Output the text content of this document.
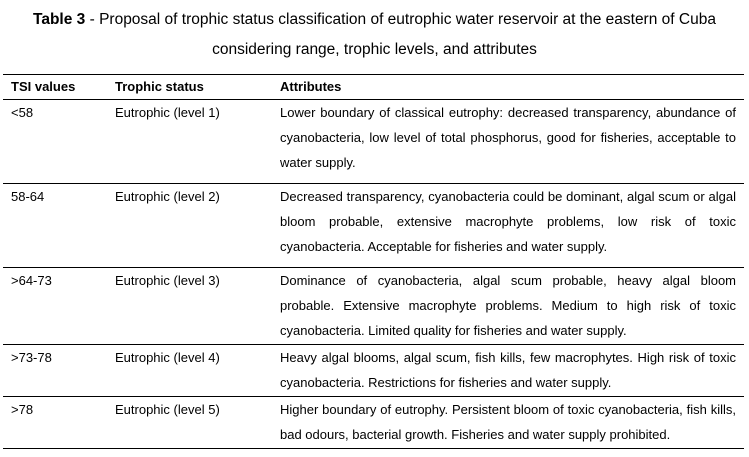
Table 3 - Proposal of trophic status classification of eutrophic water reservoir at the eastern of Cuba
considering range, trophic levels, and attributes
TSI values	Trophic status	Attributes
<58	Eutrophic (level 1)	Lower boundary of classical eutrophy: decreased transparency, abundance of cyanobacteria, low level of total phosphorus, good for fisheries, acceptable to water supply.
58-64	Eutrophic (level 2)	Decreased transparency, cyanobacteria could be dominant, algal scum or algal bloom probable, extensive macrophyte problems, low risk of toxic cyanobacteria. Acceptable for fisheries and water supply.
>64-73	Eutrophic (level 3)	Dominance of cyanobacteria, algal scum probable, heavy algal bloom probable. Extensive macrophyte problems. Medium to high risk of toxic cyanobacteria. Limited quality for fisheries and water supply.
>73-78	Eutrophic (level 4)	Heavy algal blooms, algal scum, fish kills, few macrophytes. High risk of toxic cyanobacteria. Restrictions for fisheries and water supply.
>78	Eutrophic (level 5)	Higher boundary of eutrophy. Persistent bloom of toxic cyanobacteria, fish kills, bad odours, bacterial growth. Fisheries and water supply prohibited.
